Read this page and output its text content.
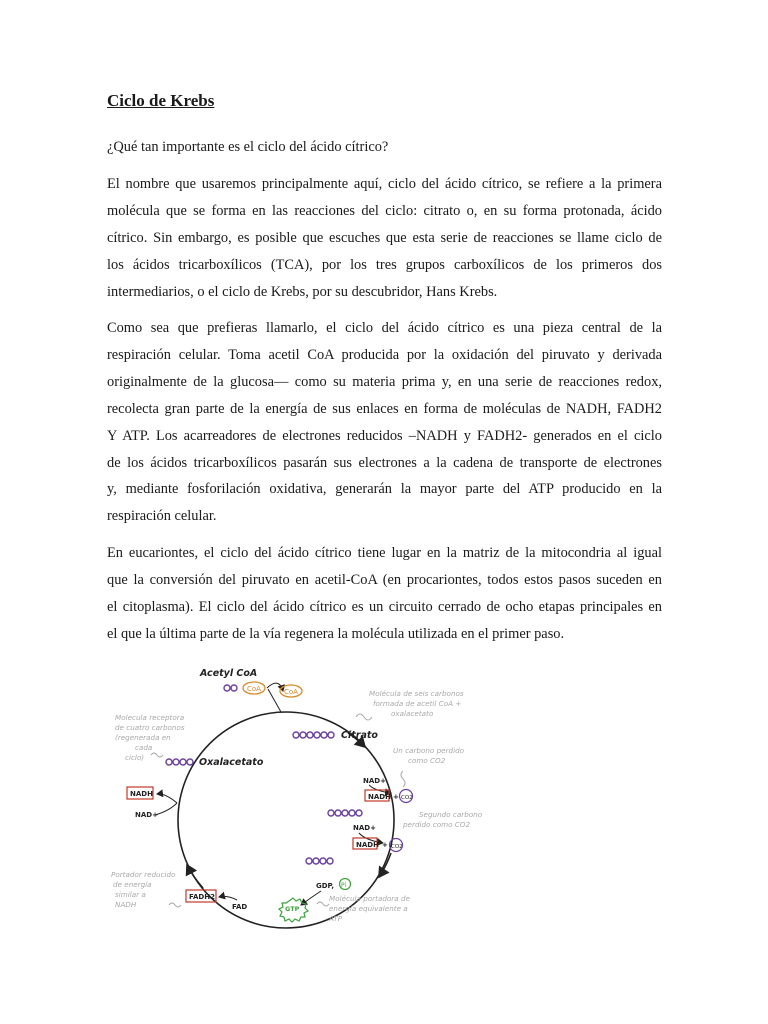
Ciclo de Krebs

¿Qué tan importante es el ciclo del ácido cítrico?

El nombre que usaremos principalmente aquí, ciclo del ácido cítrico, se refiere a la primera
molécula que se forma en las reacciones del ciclo: citrato o, en su forma protonada, ácido
cítrico. Sin embargo, es posible que escuches que esta serie de reacciones se llame ciclo de
los ácidos tricarboxílicos (TCA), por los tres grupos carboxílicos de los primeros dos
intermediarios, o el ciclo de Krebs, por su descubridor, Hans Krebs.
Como sea que prefieras llamarlo, el ciclo del ácido cítrico es una pieza central de la
respiración celular. Toma acetil CoA producida por la oxidación del piruvato y derivada
originalmente de la glucosa— como su materia prima y, en una serie de reacciones redox,
recolecta gran parte de la energía de sus enlaces en forma de moléculas de NADH, FADH2
Y ATP. Los acarreadores de electrones reducidos –NADH y FADH2- generados en el ciclo
de los ácidos tricarboxílicos pasarán sus electrones a la cadena de transporte de electrones
y, mediante fosforilación oxidativa, generarán la mayor parte del ATP producido en la
respiración celular.
En eucariontes, el ciclo del ácido cítrico tiene lugar en la matriz de la mitocondria al igual
que la conversión del piruvato en acetil-CoA (en procariontes, todos estos pasos suceden en
el citoplasma). El ciclo del ácido cítrico es un circuito cerrado de ocho etapas principales en
el que la última parte de la vía regenera la molécula utilizada en el primer paso.
Acetyl CoA
CoA	CoA
Citrato
Molécula de seis carbonos formada de acetil CoA + oxalacetato
Un carbono perdido como CO2
NAD+
NADH + CO2
Segundo carbono perdido como CO2
NAD+
NADH + CO2
GDP, Pi
GTP
Molécula portadora de energía equivalente a ATP
FADH2
FAD
Portador reducido de energía similar a NADH
NADH
NAD+
Oxalacetato
Molecula receptora de cuatro carbonos (regenerada en cada ciclo)
